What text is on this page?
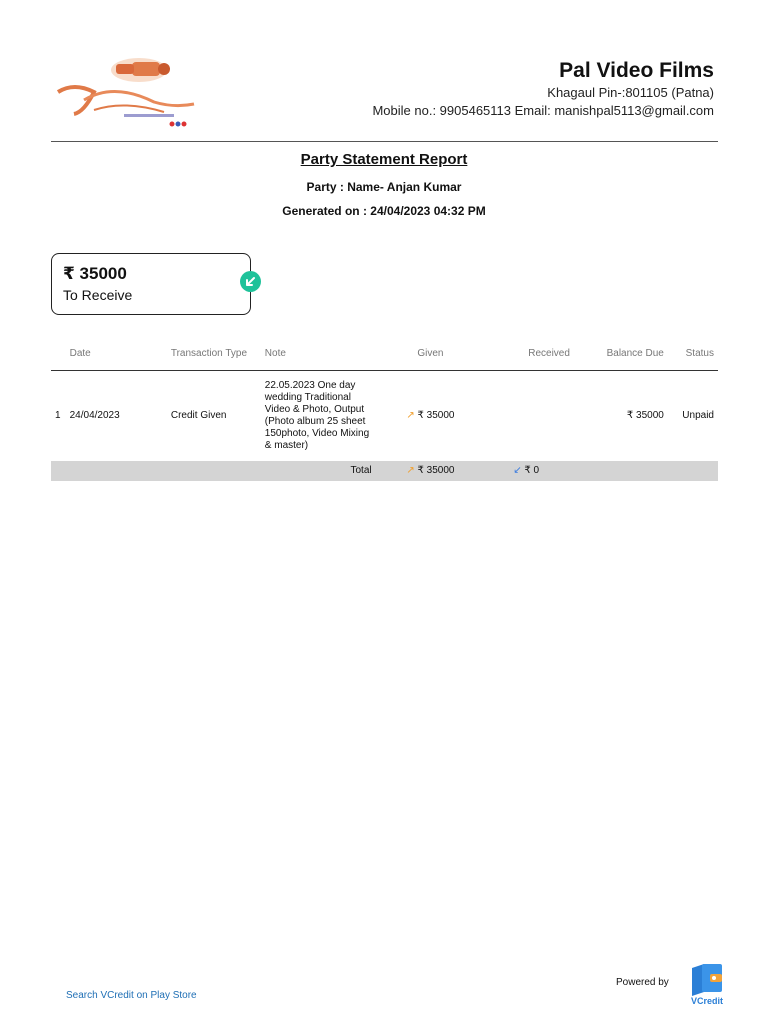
Pal Video Films
Khagaul Pin-:801105 (Patna)
Mobile no.: 9905465113 Email: manishpal5113@gmail.com
Party Statement Report
Party : Name- Anjan Kumar
Generated on : 24/04/2023 04:32 PM
₹ 35000
To Receive
	Date	Transaction Type	Note	Given	Received	Balance Due	Status
1	24/04/2023	Credit Given	22.05.2023 One day wedding Traditional Video & Photo, Output (Photo album 25 sheet 150photo, Video Mixing & master)	↗ ₹ 35000		₹ 35000	Unpaid
			Total	↗ ₹ 35000	↙ ₹ 0		
Search VCredit on Play Store
Powered by
VCredit
